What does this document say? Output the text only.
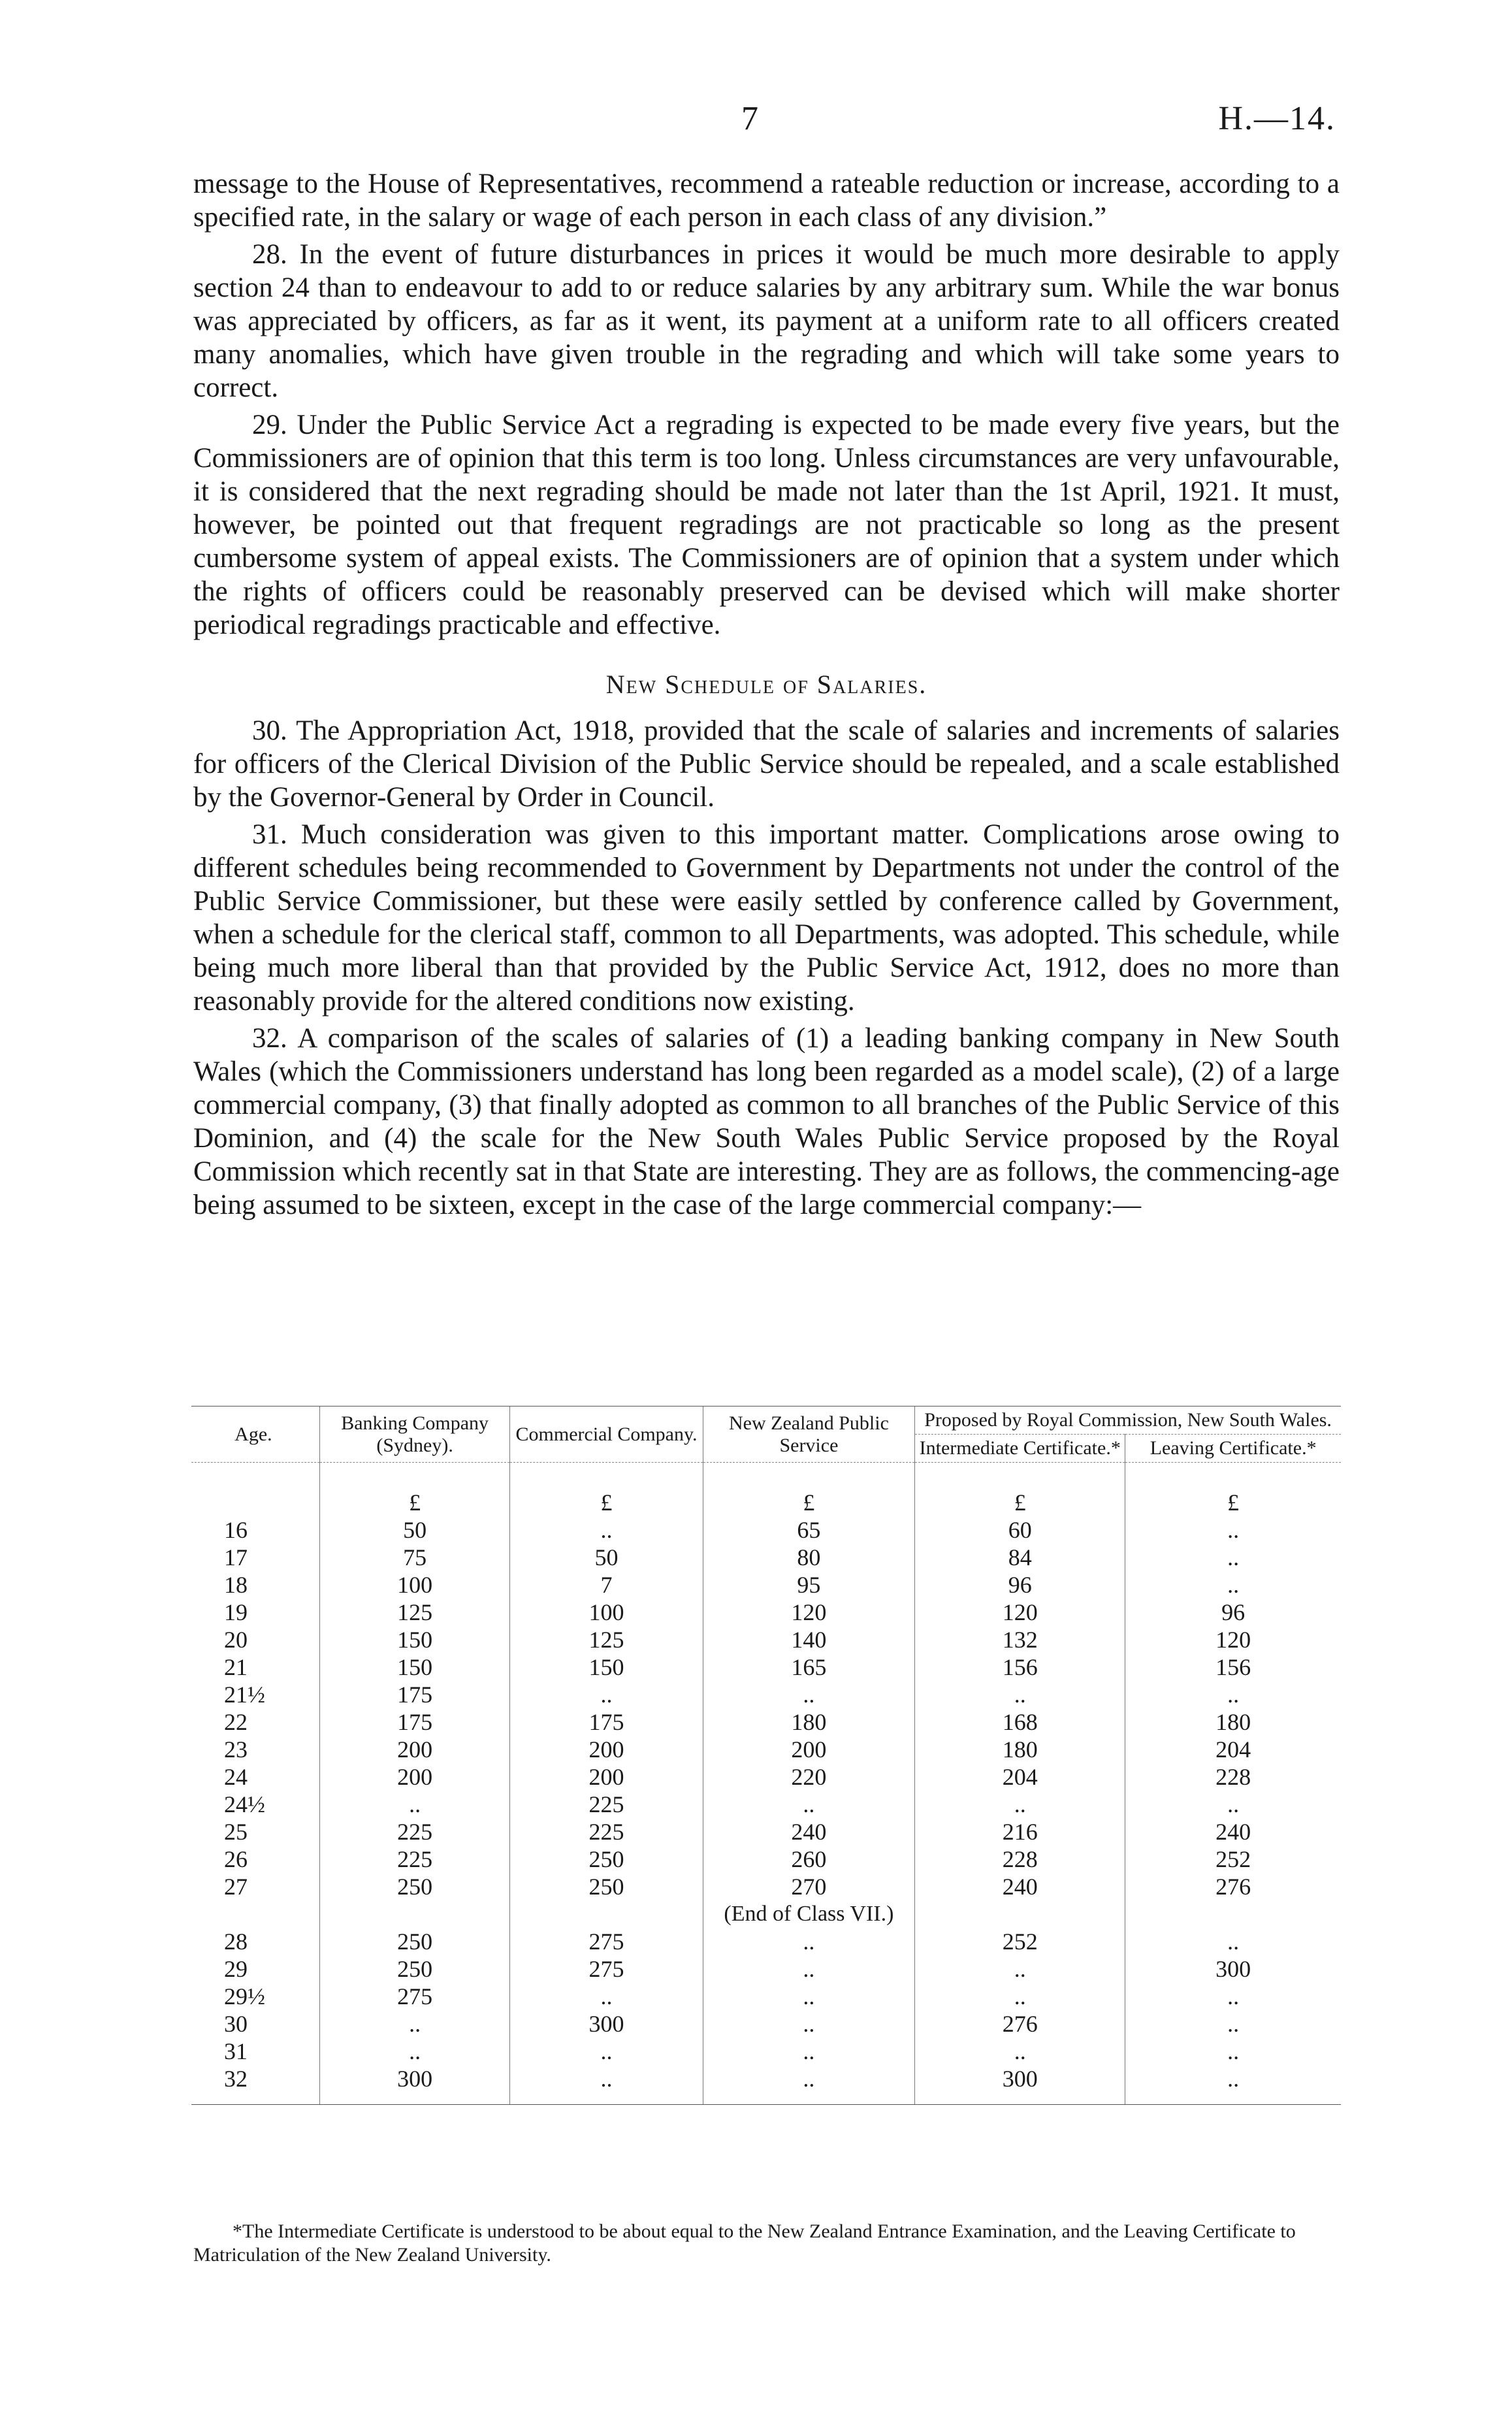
7	H.—14.

message to the House of Representatives, recommend a rateable reduction or increase, according to a specified rate, in the salary or wage of each person in each class of any division.”

28. In the event of future disturbances in prices it would be much more desirable to apply section 24 than to endeavour to add to or reduce salaries by any arbitrary sum. While the war bonus was appreciated by officers, as far as it went, its payment at a uniform rate to all officers created many anomalies, which have given trouble in the regrading and which will take some years to correct.

29. Under the Public Service Act a regrading is expected to be made every five years, but the Commissioners are of opinion that this term is too long. Unless circumstances are very unfavourable, it is considered that the next regrading should be made not later than the 1st April, 1921. It must, however, be pointed out that frequent regradings are not practicable so long as the present cumbersome system of appeal exists. The Commissioners are of opinion that a system under which the rights of officers could be reasonably preserved can be devised which will make shorter periodical regradings practicable and effective.

New Schedule of Salaries.

30. The Appropriation Act, 1918, provided that the scale of salaries and increments of salaries for officers of the Clerical Division of the Public Service should be repealed, and a scale established by the Governor-General by Order in Council.

31. Much consideration was given to this important matter. Complications arose owing to different schedules being recommended to Government by Departments not under the control of the Public Service Commissioner, but these were easily settled by conference called by Government, when a schedule for the clerical staff, common to all Departments, was adopted. This schedule, while being much more liberal than that provided by the Public Service Act, 1912, does no more than reasonably provide for the altered conditions now existing.

32. A comparison of the scales of salaries of (1) a leading banking company in New South Wales (which the Commissioners understand has long been regarded as a model scale), (2) of a large commercial company, (3) that finally adopted as common to all branches of the Public Service of this Dominion, and (4) the scale for the New South Wales Public Service proposed by the Royal Commission which recently sat in that State are interesting. They are as follows, the commencing-age being assumed to be sixteen, except in the case of the large commercial company:—

Age.	Banking Company (Sydney).	Commercial Company.	New Zealand Public Service	Proposed by Royal Commission, New South Wales.	
				Intermediate Certificate.*	Leaving Certificate.*
	£	£	£	£	£
16	50	..	65	60	..
17	75	50	80	84	..
18	100	7	95	96	..
19	125	100	120	120	96
20	150	125	140	132	120
21	150	150	165	156	156
21½	175	..	..	..	..
22	175	175	180	168	180
23	200	200	200	180	204
24	200	200	220	204	228
24½	..	225	..	..	..
25	225	225	240	216	240
26	225	250	260	228	252
27	250	250	270	240	276
			(End of Class VII.)		
28	250	275	..	252	..
29	250	275	..	..	300
29½	275	..	..	..	..
30	..	300	..	276	..
31	..	..	..	..	..
32	300	..	..	300	..

*The Intermediate Certificate is understood to be about equal to the New Zealand Entrance Examination, and the Leaving Certificate to Matriculation of the New Zealand University.
